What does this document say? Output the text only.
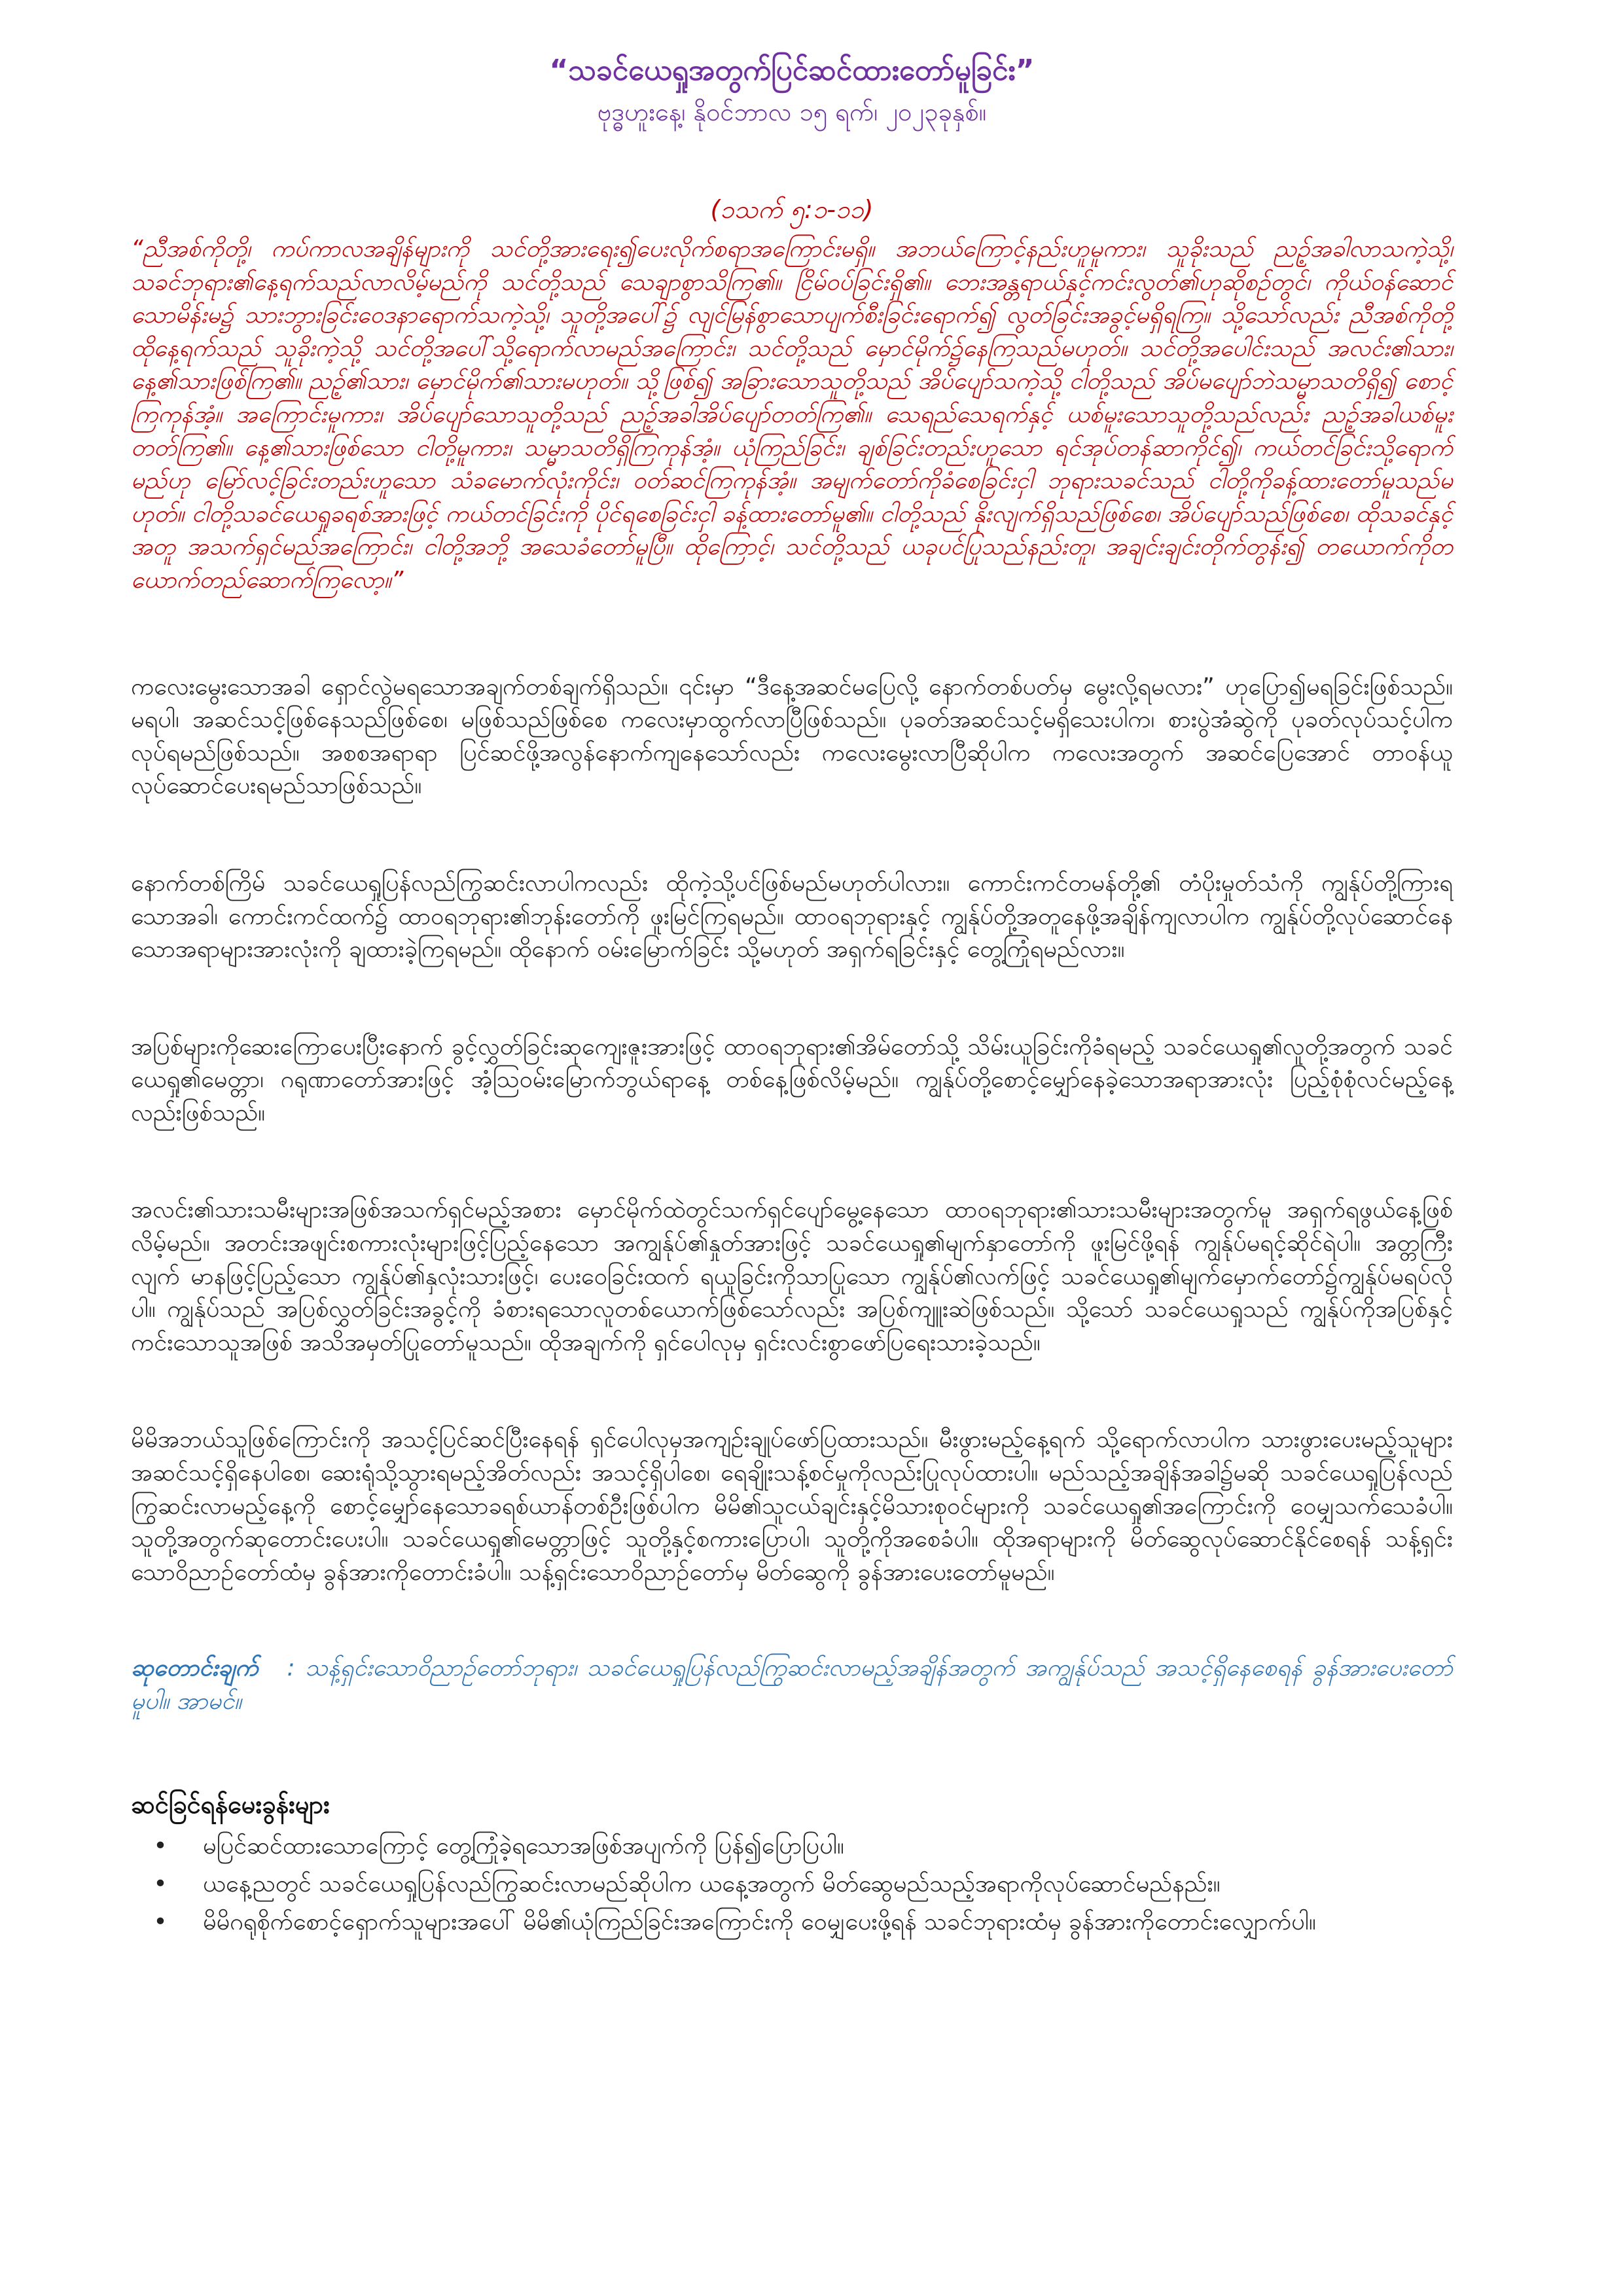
“သခင်ယေရှုအတွက်ပြင်ဆင်ထားတော်မူခြင်း”

ဗုဒ္ဓဟူးနေ့၊ နိုဝင်ဘာလ ၁၅ ရက်၊ ၂၀၂၃ခုနှစ်။

(၁သက် ၅:၁-၁၁)

“ညီအစ်ကိုတို့၊ ကပ်ကာလအချိန်များကို သင်တို့အားရေး၍ပေးလိုက်စရာအကြောင်းမရှိ။ အဘယ်ကြောင့်နည်းဟူမူကား၊ သူခိုးသည် ညဥ့်အခါလာသကဲ့သို့၊ သခင်ဘုရား၏နေ့ရက်သည်လာလိမ့်မည်ကို သင်တို့သည် သေချာစွာသိကြ၏။ ငြိမ်ဝပ်ခြင်းရှိ၏။ ဘေးအန္တရာယ်နှင့်ကင်းလွတ်၏ဟုဆိုစဉ်တွင်၊ ကိုယ်ဝန်ဆောင်သောမိန်းမ၌ သားဘွားခြင်းဝေဒနာရောက်သကဲ့သို့၊ သူတို့အပေါ်၌ လျင်မြန်စွာသောပျက်စီးခြင်းရောက်၍ လွတ်ခြင်းအခွင့်မရှိရကြ။ သို့သော်လည်း ညီအစ်ကိုတို့ ထိုနေ့ရက်သည် သူခိုးကဲ့သို့ သင်တို့အပေါ်သို့ရောက်လာမည်အကြောင်း၊ သင်တို့သည် မှောင်မိုက်၌နေကြသည်မဟုတ်။ သင်တို့အပေါင်းသည် အလင်း၏သား၊ နေ့၏သားဖြစ်ကြ၏။ ညဥ့်၏သား၊ မှောင်မိုက်၏သားမဟုတ်။ သို့ဖြစ်၍ အခြားသောသူတို့သည် အိပ်ပျော်သကဲ့သို့ ငါတို့သည် အိပ်မပျော်ဘဲသမ္မာသတိရှိ၍ စောင့်ကြကုန်အံ့။ အကြောင်းမူကား၊ အိပ်ပျော်သောသူတို့သည် ညဥ့်အခါအိပ်ပျော်တတ်ကြ၏။ သေရည်သေရက်နှင့် ယစ်မူးသောသူတို့သည်လည်း ညဥ့်အခါယစ်မူးတတ်ကြ၏။ နေ့၏သားဖြစ်သော ငါတို့မူကား၊ သမ္မာသတိရှိကြကုန်အံ့။ ယုံကြည်ခြင်း၊ ချစ်ခြင်းတည်းဟူသော ရင်အုပ်တန်ဆာကိုင်၍၊ ကယ်တင်ခြင်းသို့ရောက်မည်ဟု မြော်လင့်ခြင်းတည်းဟူသော သံခမောက်လုံးကိုင်း၊ ဝတ်ဆင်ကြကုန်အံ့။ အမျက်တော်ကိုခံစေခြင်းငှါ ဘုရားသခင်သည် ငါတို့ကိုခန့်ထားတော်မူသည်မဟုတ်။ ငါတို့သခင်ယေရှုခရစ်အားဖြင့် ကယ်တင်ခြင်းကို ပိုင်ရစေခြင်းငှါ ခန့်ထားတော်မူ၏။ ငါတို့သည် နိုးလျက်ရှိသည်ဖြစ်စေ၊ အိပ်ပျော်သည်ဖြစ်စေ၊ ထိုသခင်နှင့်အတူ အသက်ရှင်မည်အကြောင်း၊ ငါတို့အဘို့ အသေခံတော်မူပြီ။ ထိုကြောင့်၊ သင်တို့သည် ယခုပင်ပြုသည်နည်းတူ၊ အချင်းချင်းတိုက်တွန်း၍ တယောက်ကိုတယောက်တည်ဆောက်ကြလော့။”

ကလေးမွေးသောအခါ ရှောင်လွဲမရသောအချက်တစ်ချက်ရှိသည်။ ၎င်းမှာ “ဒီနေ့အဆင်မပြေလို့ နောက်တစ်ပတ်မှ မွေးလို့ရမလား” ဟုပြော၍မရခြင်းဖြစ်သည်။ မရပါ၊ အဆင်သင့်ဖြစ်နေသည်ဖြစ်စေ၊ မဖြစ်သည်ဖြစ်စေ ကလေးမှာထွက်လာပြီဖြစ်သည်။ ပုခတ်အဆင်သင့်မရှိသေးပါက၊ စားပွဲအံဆွဲကို ပုခတ်လုပ်သင့်ပါက လုပ်ရမည်ဖြစ်သည်။ အစစအရာရာ ပြင်ဆင်ဖို့အလွန်နောက်ကျနေသော်လည်း ကလေးမွေးလာပြီဆိုပါက ကလေးအတွက် အဆင်ပြေအောင် တာဝန်ယူလုပ်ဆောင်ပေးရမည်သာဖြစ်သည်။

နောက်တစ်ကြိမ် သခင်ယေရှုပြန်လည်ကြွဆင်းလာပါကလည်း ထိုကဲ့သို့ပင်ဖြစ်မည်မဟုတ်ပါလား။ ကောင်းကင်တမန်တို့၏ တံပိုးမှုတ်သံကို ကျွန်ုပ်တို့ကြားရသောအခါ၊ ကောင်းကင်ထက်၌ ထာဝရဘုရား၏ဘုန်းတော်ကို ဖူးမြင်ကြရမည်။ ထာဝရဘုရားနှင့် ကျွန်ုပ်တို့အတူနေဖို့အချိန်ကျလာပါက ကျွန်ုပ်တို့လုပ်ဆောင်နေသောအရာများအားလုံးကို ချထားခဲ့ကြရမည်။ ထိုနောက် ဝမ်းမြောက်ခြင်း သို့မဟုတ် အရှက်ရခြင်းနှင့် တွေ့ကြုံရမည်လား။

အပြစ်များကိုဆေးကြောပေးပြီးနောက် ခွင့်လွှတ်ခြင်းဆုကျေးဇူးအားဖြင့် ထာဝရဘုရား၏အိမ်တော်သို့ သိမ်းယူခြင်းကိုခံရမည့် သခင်ယေရှု၏လူတို့အတွက် သခင်ယေရှု၏မေတ္တာ၊ ဂရုဏာတော်အားဖြင့် အံ့သြဝမ်းမြောက်ဘွယ်ရာနေ့ တစ်နေ့ဖြစ်လိမ့်မည်။ ကျွန်ုပ်တို့စောင့်မျှော်နေခဲ့သောအရာအားလုံး ပြည့်စုံစုံလင်မည့်နေ့လည်းဖြစ်သည်။

အလင်း၏သားသမီးများအဖြစ်အသက်ရှင်မည့်အစား မှောင်မိုက်ထဲတွင်သက်ရှင်ပျော်မွေ့နေသော ထာဝရဘုရား၏သားသမီးများအတွက်မူ အရှက်ရဖွယ်နေ့ဖြစ်လိမ့်မည်။ အတင်းအဖျင်းစကားလုံးများဖြင့်ပြည့်နေသော အကျွန်ုပ်၏နှုတ်အားဖြင့် သခင်ယေရှု၏မျက်နှာတော်ကို ဖူးမြင်ဖို့ရန် ကျွန်ုပ်မရင့်ဆိုင်ရဲပါ။ အတ္တကြီးလျက် မာနဖြင့်ပြည့်သော ကျွန်ုပ်၏နှလုံးသားဖြင့်၊ ပေးဝေခြင်းထက် ရယူခြင်းကိုသာပြုသော ကျွန်ုပ်၏လက်ဖြင့် သခင်ယေရှု၏မျက်မှောက်တော်၌ကျွန်ုပ်မရပ်လိုပါ။ ကျွန်ုပ်သည် အပြစ်လွှတ်ခြင်းအခွင့်ကို ခံစားရသောလူတစ်ယောက်ဖြစ်သော်လည်း အပြစ်ကျူးဆဲဖြစ်သည်။ သို့သော် သခင်ယေရှုသည် ကျွန်ုပ်ကိုအပြစ်နှင့်ကင်းသောသူအဖြစ် အသိအမှတ်ပြုတော်မူသည်။ ထိုအချက်ကို ရှင်ပေါလုမှ ရှင်းလင်းစွာဖော်ပြရေးသားခဲ့သည်။

မိမိအဘယ်သူဖြစ်ကြောင်းကို အသင့်ပြင်ဆင်ပြီးနေရန် ရှင်ပေါလုမှအကျဉ်းချုပ်ဖော်ပြထားသည်။ မီးဖွားမည့်နေ့ရက် သို့ရောက်လာပါက သားဖွားပေးမည့်သူများအဆင်သင့်ရှိနေပါစေ၊ ဆေးရုံသို့သွားရမည့်အိတ်လည်း အသင့်ရှိပါစေ၊ ရေချိုးသန့်စင်မှုကိုလည်းပြုလုပ်ထားပါ။ မည်သည့်အချိန်အခါ၌မဆို သခင်ယေရှုပြန်လည်ကြွဆင်းလာမည့်နေ့ကို စောင့်မျှော်နေသောခရစ်ယာန်တစ်ဦးဖြစ်ပါက မိမိ၏သူငယ်ချင်းနှင့်မိသားစုဝင်များကို သခင်ယေရှု၏အကြောင်းကို ဝေမျှသက်သေခံပါ။ သူတို့အတွက်ဆုတောင်းပေးပါ။ သခင်ယေရှု၏မေတ္တာဖြင့် သူတို့နှင့်စကားပြောပါ၊ သူတို့ကိုအစေခံပါ။ ထိုအရာများကို မိတ်ဆွေလုပ်ဆောင်နိုင်စေရန် သန့်ရှင်းသောဝိညာဉ်တော်ထံမှ ခွန်အားကိုတောင်းခံပါ။ သန့်ရှင်းသောဝိညာဉ်တော်မှ မိတ်ဆွေကို ခွန်အားပေးတော်မူမည်။

ဆုတောင်းချက် : သန့်ရှင်းသောဝိညာဉ်တော်ဘုရား၊ သခင်ယေရှုပြန်လည်ကြွဆင်းလာမည့်အချိန်အတွက် အကျွန်ုပ်သည် အသင့်ရှိနေစေရန် ခွန်အားပေးတော်မူပါ။ အာမင်။

ဆင်ခြင်ရန်မေးခွန်းများ

• မပြင်ဆင်ထားသောကြောင့် တွေ့ကြုံခဲ့ရသောအဖြစ်အပျက်ကို ပြန်၍ပြောပြပါ။
• ယနေ့ညတွင် သခင်ယေရှုပြန်လည်ကြွဆင်းလာမည်ဆိုပါက ယနေ့အတွက် မိတ်ဆွေမည်သည့်အရာကိုလုပ်ဆောင်မည်နည်း။
• မိမိဂရုစိုက်စောင့်ရှောက်သူများအပေါ် မိမိ၏ယုံကြည်ခြင်းအကြောင်းကို ဝေမျှပေးဖို့ရန် သခင်ဘုရားထံမှ ခွန်အားကိုတောင်းလျှောက်ပါ။
